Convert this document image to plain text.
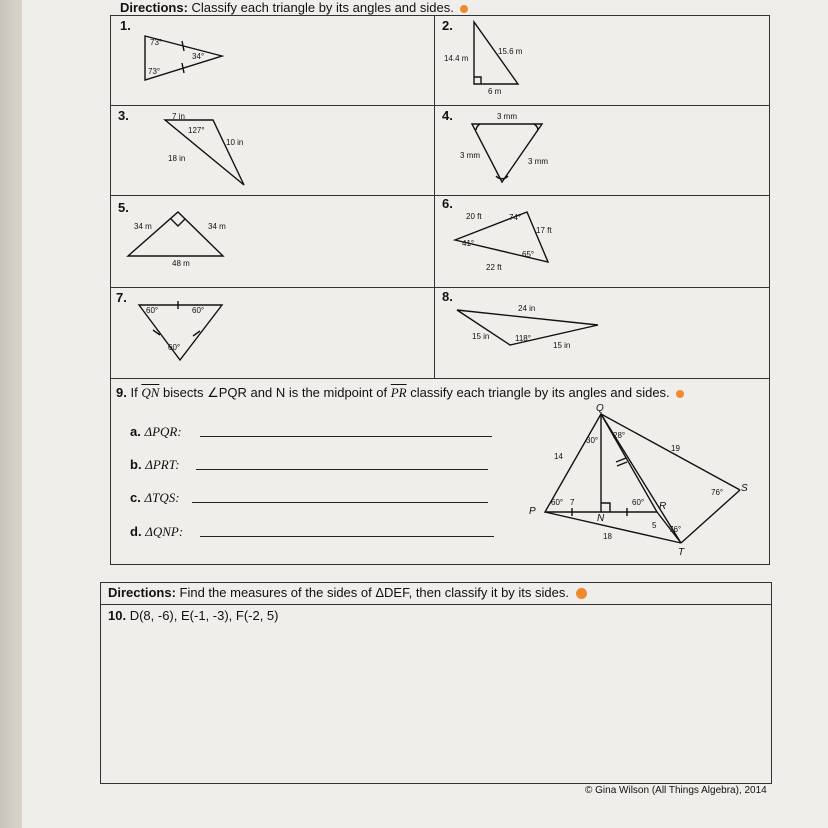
Directions: Classify each triangle by its angles and sides.
1.	2.
3.	4.
5.	6.
7.	8.
73°
34°
73°
14.4 m
15.6 m
6 m
7 in
127°
10 in
18 in
3 mm
3 mm
3 mm
34 m	34 m
48 m
20 ft	74°
17 ft
41°
65°
22 ft
60°	60°
60°
24 in
15 in	118°
15 in
Q
P
N
R
S
T
30°
28°
19
14
60° 7	60°
76°
5 76°
18
9. If $\overline{QN}$ bisects ∠PQR and N is the midpoint of $\overline{PR}$ classify each triangle by its angles and sides.
a. ΔPQR:
b. ΔPRT:
c. ΔTQS:
d. ΔQNP:
Directions: Find the measures of the sides of ΔDEF, then classify it by its sides.
10. D(8, -6), E(-1, -3), F(-2, 5)
© Gina Wilson (All Things Algebra), 2014
